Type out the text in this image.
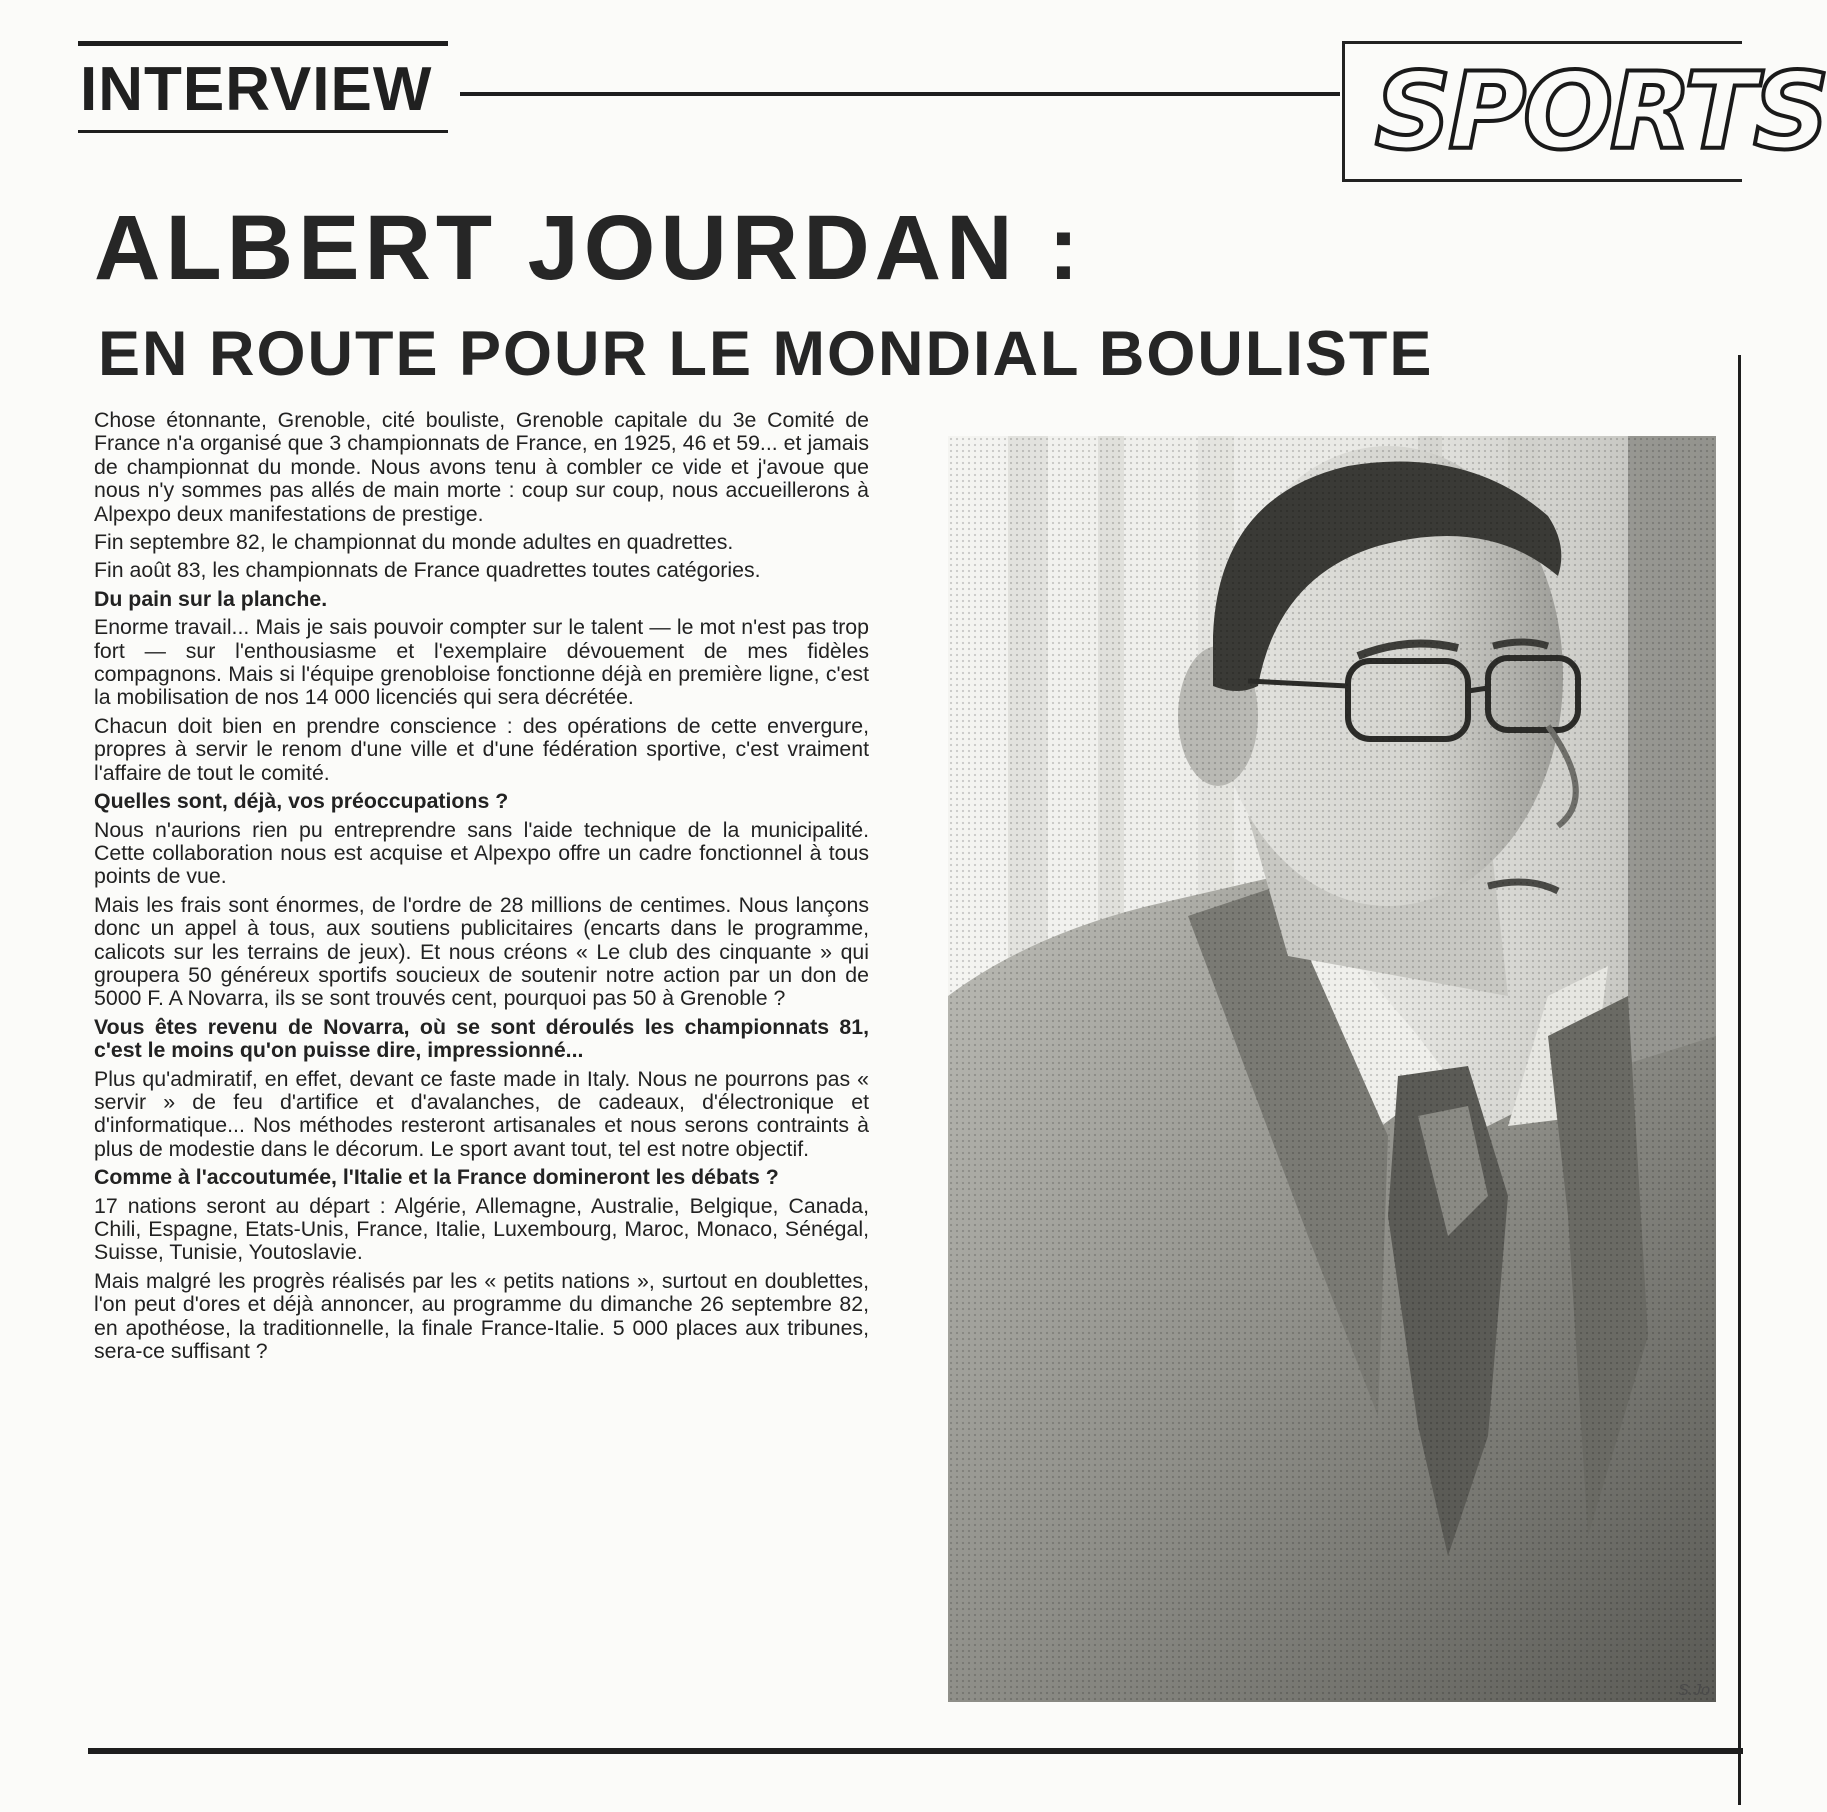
INTERVIEW	SPORTS
ALBERT JOURDAN :
EN ROUTE POUR LE MONDIAL BOULISTE

Chose étonnante, Grenoble, cité bouliste, Grenoble capitale du 3e Comité de France n'a organisé que 3 championnats de France, en 1925, 46 et 59... et jamais de championnat du monde. Nous avons tenu à combler ce vide et j'avoue que nous n'y sommes pas allés de main morte : coup sur coup, nous accueillerons à Alpexpo deux manifestations de prestige.

Fin septembre 82, le championnat du monde adultes en quadrettes.

Fin août 83, les championnats de France quadrettes toutes catégories.

Du pain sur la planche.

Enorme travail... Mais je sais pouvoir compter sur le talent — le mot n'est pas trop fort — sur l'enthousiasme et l'exemplaire dévouement de mes fidèles compagnons. Mais si l'équipe grenobloise fonctionne déjà en première ligne, c'est la mobilisation de nos 14 000 licenciés qui sera décrétée.

Chacun doit bien en prendre conscience : des opérations de cette envergure, propres à servir le renom d'une ville et d'une fédération sportive, c'est vraiment l'affaire de tout le comité.

Quelles sont, déjà, vos préoccupations ?

Nous n'aurions rien pu entreprendre sans l'aide technique de la municipalité. Cette collaboration nous est acquise et Alpexpo offre un cadre fonctionnel à tous points de vue.

Mais les frais sont énormes, de l'ordre de 28 millions de centimes. Nous lançons donc un appel à tous, aux soutiens publicitaires (encarts dans le programme, calicots sur les terrains de jeux). Et nous créons « Le club des cinquante » qui groupera 50 généreux sportifs soucieux de soutenir notre action par un don de 5000 F. A Novarra, ils se sont trouvés cent, pourquoi pas 50 à Grenoble ?

Vous êtes revenu de Novarra, où se sont déroulés les championnats 81, c'est le moins qu'on puisse dire, impressionné...

Plus qu'admiratif, en effet, devant ce faste made in Italy. Nous ne pourrons pas « servir » de feu d'artifice et d'avalanches, de cadeaux, d'électronique et d'informatique... Nos méthodes resteront artisanales et nous serons contraints à plus de modestie dans le décorum. Le sport avant tout, tel est notre objectif.

Comme à l'accoutumée, l'Italie et la France domineront les débats ?

17 nations seront au départ : Algérie, Allemagne, Australie, Belgique, Canada, Chili, Espagne, Etats-Unis, France, Italie, Luxembourg, Maroc, Monaco, Sénégal, Suisse, Tunisie, Youtoslavie.

Mais malgré les progrès réalisés par les « petits nations », surtout en doublettes, l'on peut d'ores et déjà annoncer, au programme du dimanche 26 septembre 82, en apothéose, la traditionnelle, la finale France-Italie. 5 000 places aux tribunes, sera-ce suffisant ?

S.Jo
